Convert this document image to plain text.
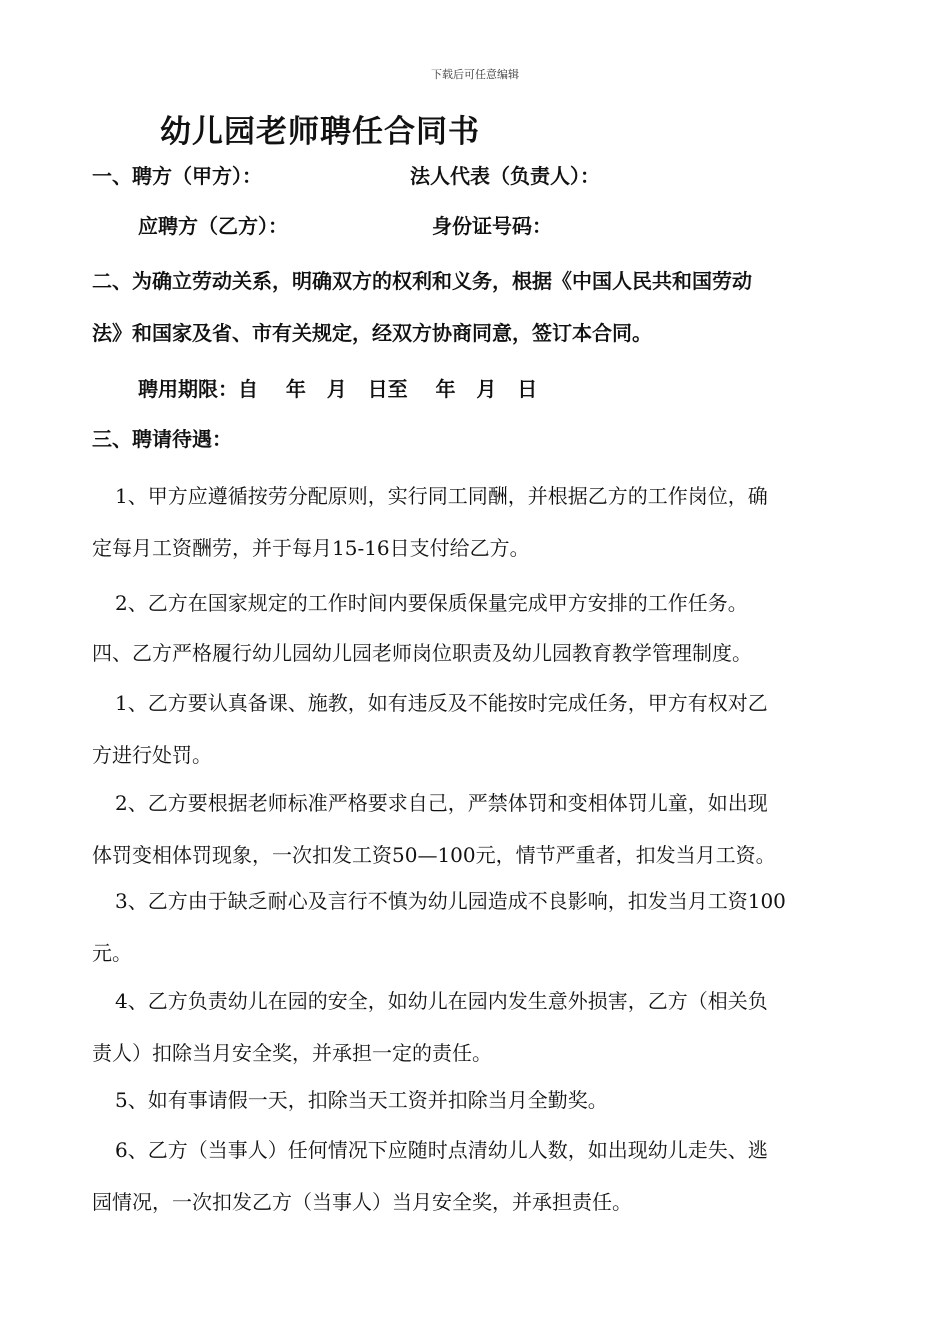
下载后可任意编辑
幼儿园老师聘任合同书
一、聘方（甲方）：	法人代表（负责人）：
应聘方（乙方）：	身份证号码：
二、为确立劳动关系，明确双方的权利和义务，根据《中国人民共和国劳动
法》和国家及省、市有关规定，经双方协商同意，签订本合同。
聘用期限：自    年   月   日至    年   月   日
三、聘请待遇：
1、甲方应遵循按劳分配原则，实行同工同酬，并根据乙方的工作岗位，确
定每月工资酬劳，并于每月15-16日支付给乙方。
2、乙方在国家规定的工作时间内要保质保量完成甲方安排的工作任务。
四、乙方严格履行幼儿园幼儿园老师岗位职责及幼儿园教育教学管理制度。
1、乙方要认真备课、施教，如有违反及不能按时完成任务，甲方有权对乙
方进行处罚。
2、乙方要根据老师标准严格要求自己，严禁体罚和变相体罚儿童，如出现
体罚变相体罚现象，一次扣发工资50—100元，情节严重者，扣发当月工资。
3、乙方由于缺乏耐心及言行不慎为幼儿园造成不良影响，扣发当月工资100
元。
4、乙方负责幼儿在园的安全，如幼儿在园内发生意外损害，乙方（相关负
责人）扣除当月安全奖，并承担一定的责任。
5、如有事请假一天，扣除当天工资并扣除当月全勤奖。
6、乙方（当事人）任何情况下应随时点清幼儿人数，如出现幼儿走失、逃
园情况，一次扣发乙方（当事人）当月安全奖，并承担责任。
